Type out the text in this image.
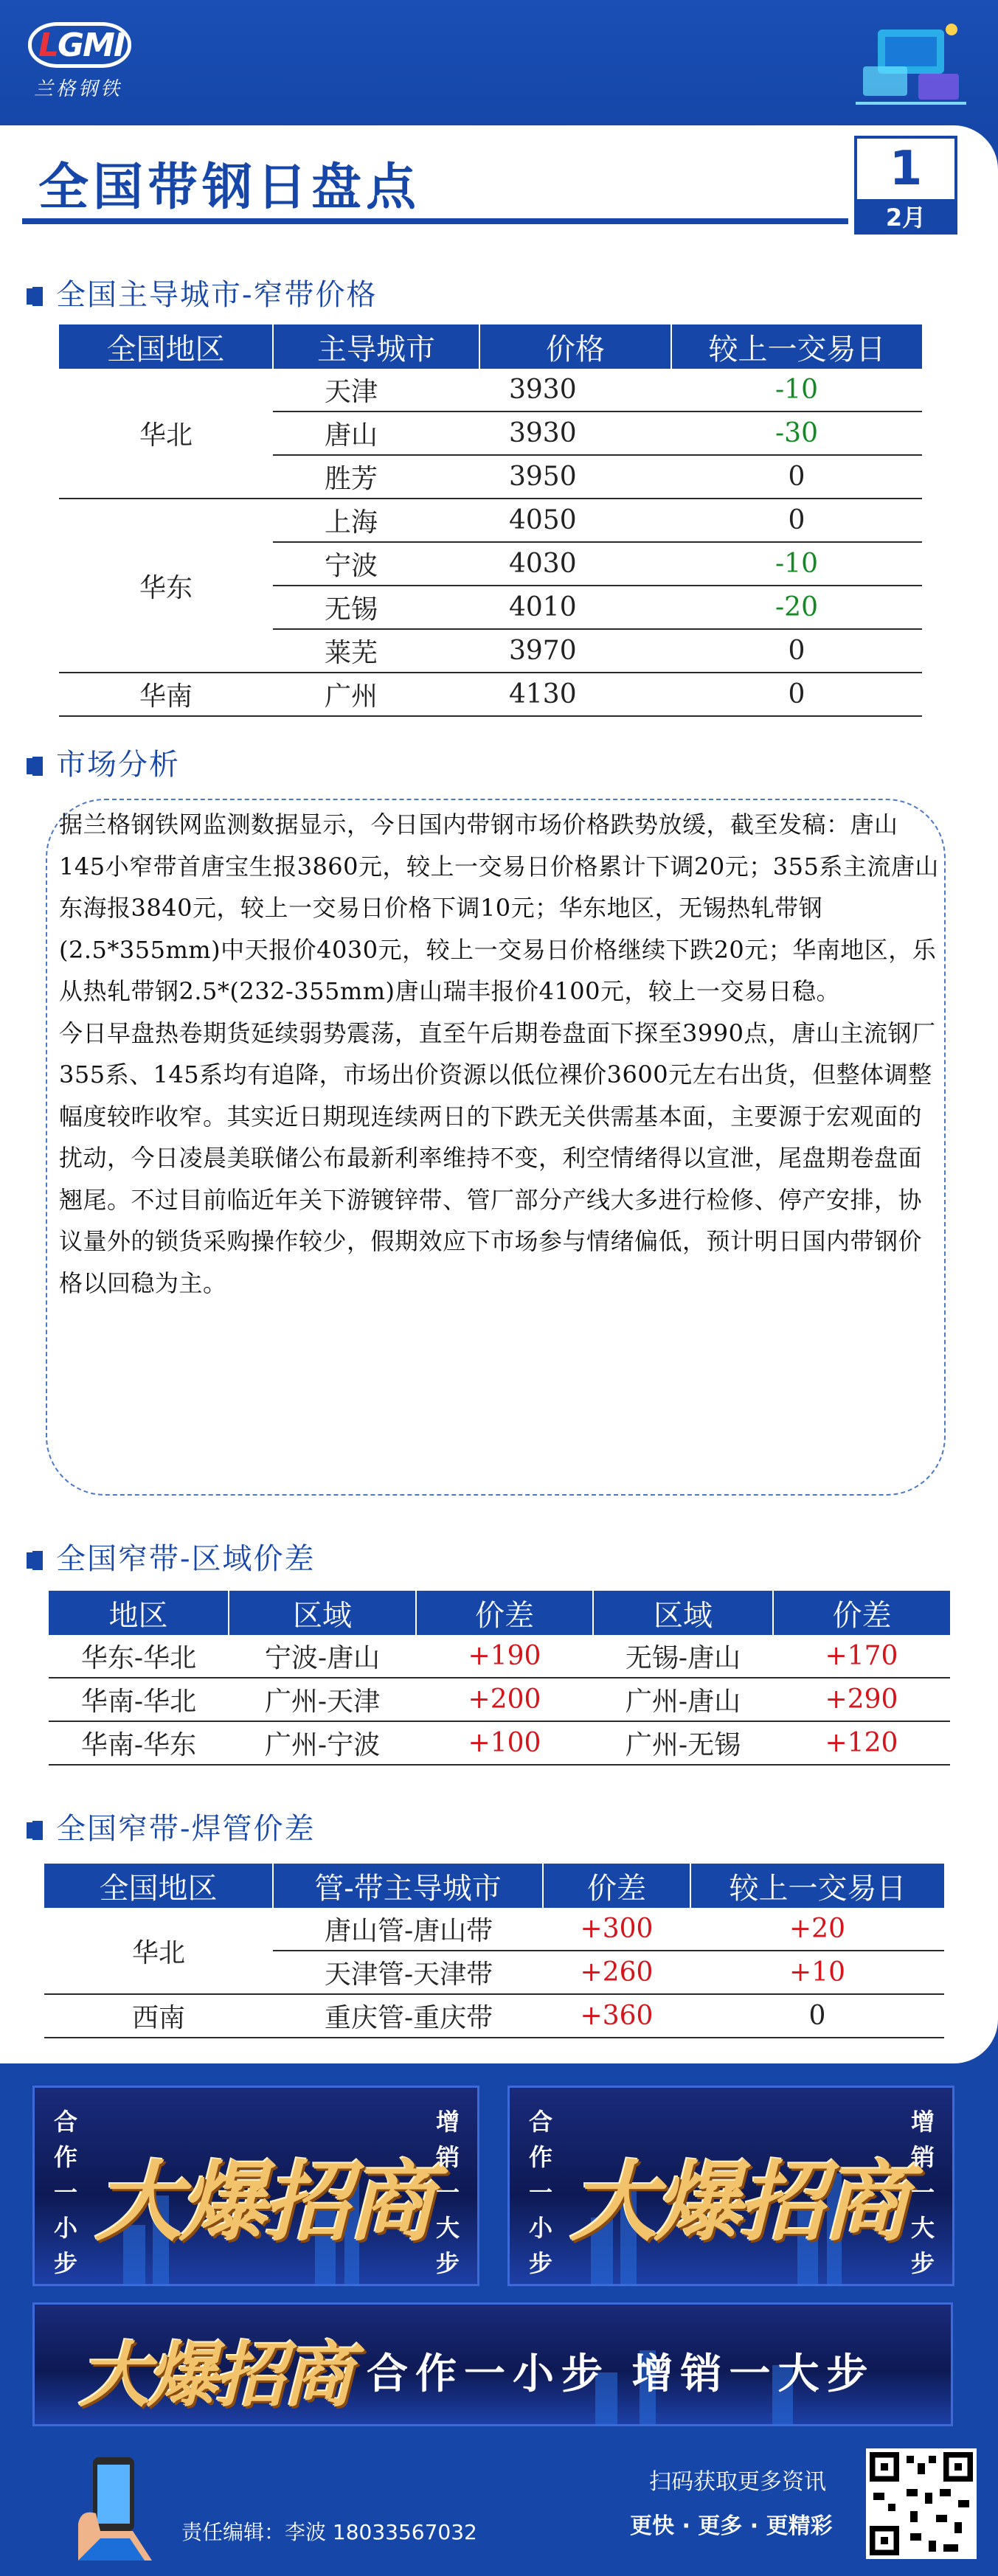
LGMI
兰格钢铁
全国带钢日盘点	1
2月
全国主导城市-窄带价格
全国地区	主导城市	价格	较上一交易日
华北	天津	3930	-10
	唐山	3930	-30
	胜芳	3950	0
华东	上海	4050	0
	宁波	4030	-10
	无锡	4010	-20
	莱芜	3970	0
华南	广州	4130	0
市场分析

据兰格钢铁网监测数据显示，今日国内带钢市场价格跌势放缓，截至发稿：唐山145小窄带首唐宝生报3860元，较上一交易日价格累计下调20元；355系主流唐山东海报3840元，较上一交易日价格下调10元；华东地区，无锡热轧带钢(2.5*355mm)中天报价4030元，较上一交易日价格继续下跌20元；华南地区，乐从热轧带钢2.5*(232-355mm)唐山瑞丰报价4100元，较上一交易日稳。

今日早盘热卷期货延续弱势震荡，直至午后期卷盘面下探至3990点，唐山主流钢厂355系、145系均有追降，市场出价资源以低位裸价3600元左右出货，但整体调整幅度较昨收窄。其实近日期现连续两日的下跌无关供需基本面，主要源于宏观面的扰动，今日凌晨美联储公布最新利率维持不变，利空情绪得以宣泄，尾盘期卷盘面翘尾。不过目前临近年关下游镀锌带、管厂部分产线大多进行检修、停产安排，协议量外的锁货采购操作较少，假期效应下市场参与情绪偏低，预计明日国内带钢价格以回稳为主。

全国窄带-区域价差
地区	区域	价差	区域	价差
华东-华北	宁波-唐山	+190	无锡-唐山	+170
华南-华北	广州-天津	+200	广州-唐山	+290
华南-华东	广州-宁波	+100	广州-无锡	+120
全国窄带-焊管价差
全国地区	管-带主导城市	价差	较上一交易日
华北	唐山管-唐山带	+300	+20
	天津管-天津带	+260	+10
西南	重庆管-重庆带	+360	0
合
作
一
小
步
大爆招商
增
销
一
大
步
合
作
一
小
步
大爆招商
增
销
一
大
步
大爆招商 合作一小步 增销一大步
责任编辑：李波 18033567032
扫码获取更多资讯
更快 · 更多 · 更精彩
